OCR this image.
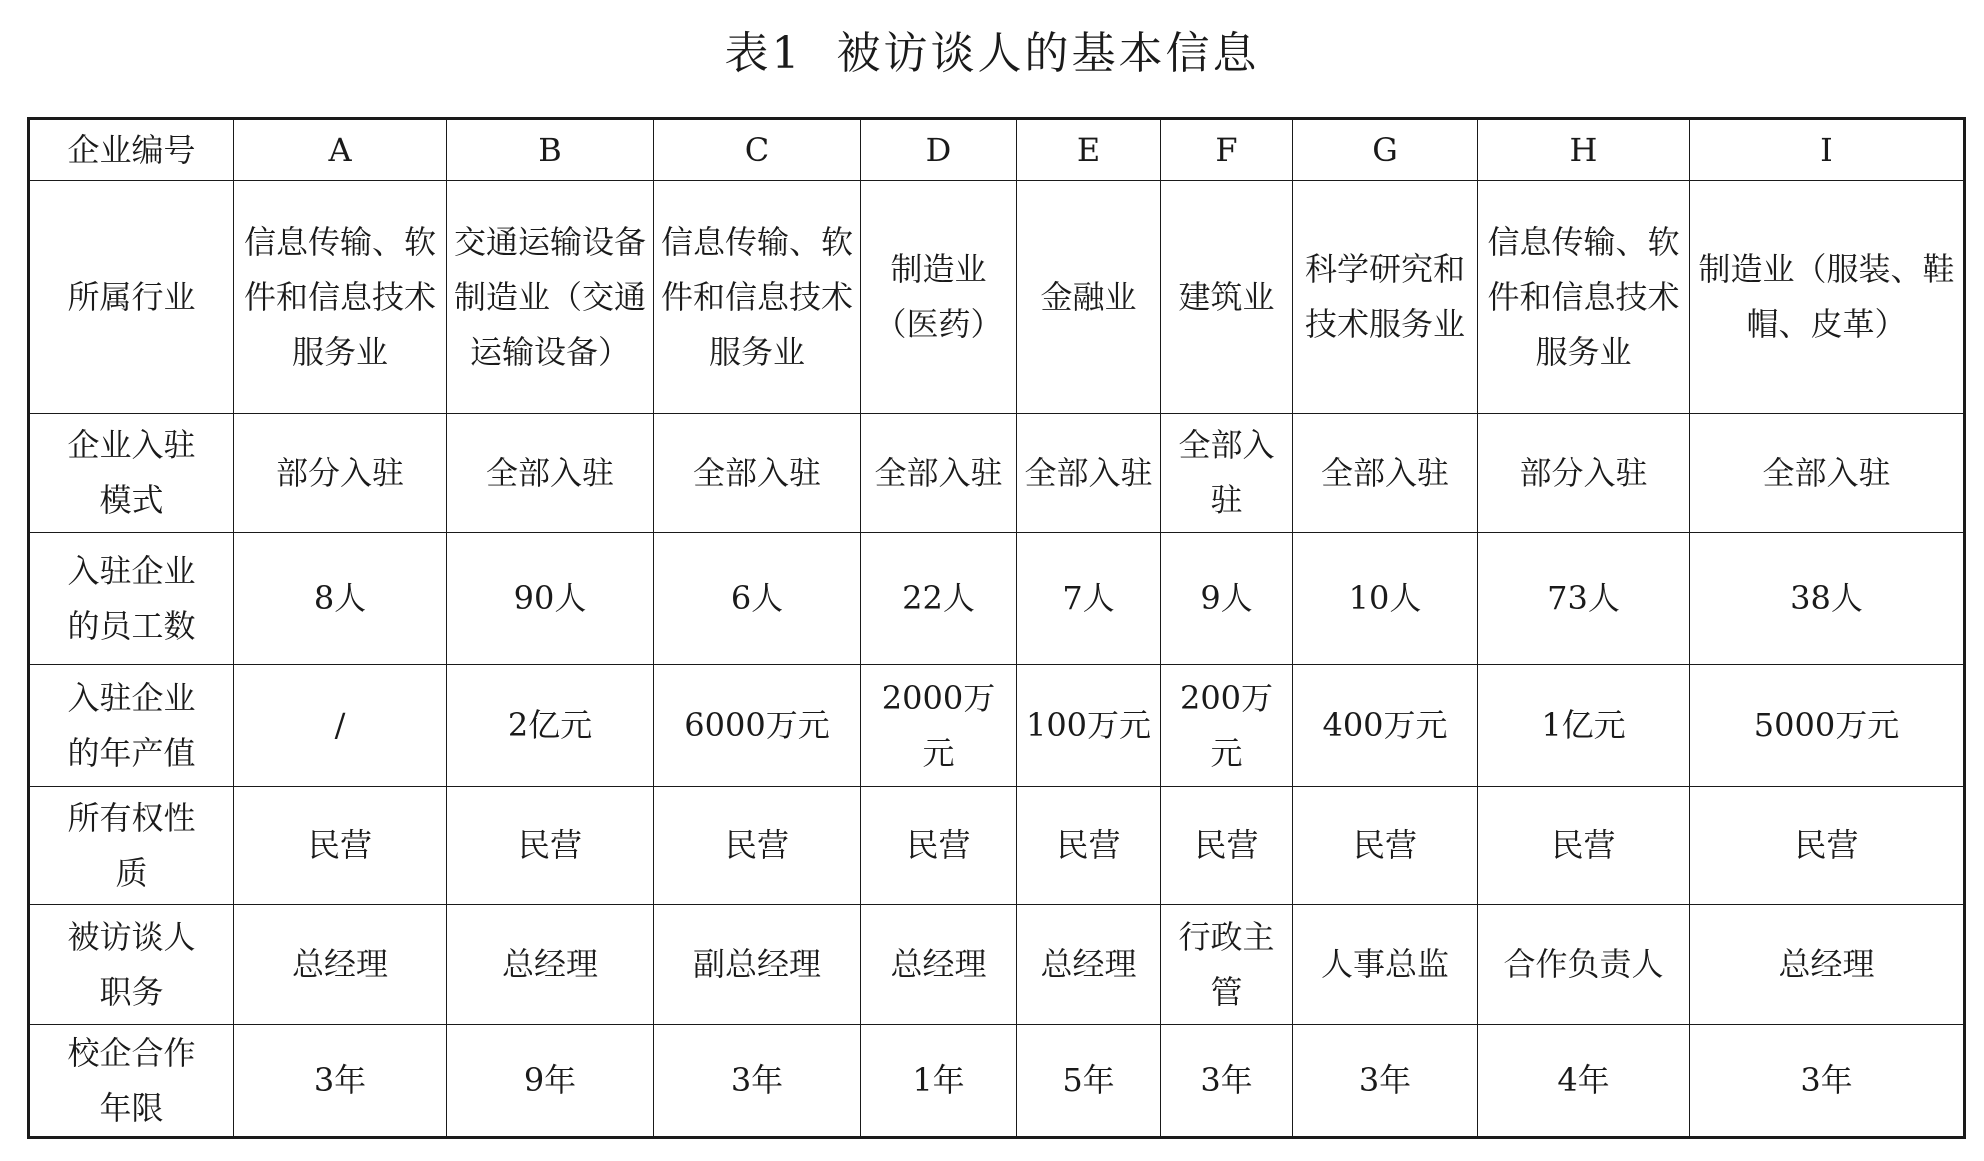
表1 被访谈人的基本信息
企业编号	A	B	C	D	E	F	G	H	I
所属行业	信息传输、软件和信息技术服务业	交通运输设备制造业（交通运输设备）	信息传输、软件和信息技术服务业	制造业（医药）	金融业	建筑业	科学研究和技术服务业	信息传输、软件和信息技术服务业	制造业（服装、鞋帽、皮革）
企业入驻模式	部分入驻	全部入驻	全部入驻	全部入驻	全部入驻	全部入驻	全部入驻	部分入驻	全部入驻
入驻企业的员工数	8人	90人	6人	22人	7人	9人	10人	73人	38人
入驻企业的年产值	/	2亿元	6000万元	2000万元	100万元	200万元	400万元	1亿元	5000万元
所有权性质	民营	民营	民营	民营	民营	民营	民营	民营	民营
被访谈人职务	总经理	总经理	副总经理	总经理	总经理	行政主管	人事总监	合作负责人	总经理
校企合作年限	3年	9年	3年	1年	5年	3年	3年	4年	3年
